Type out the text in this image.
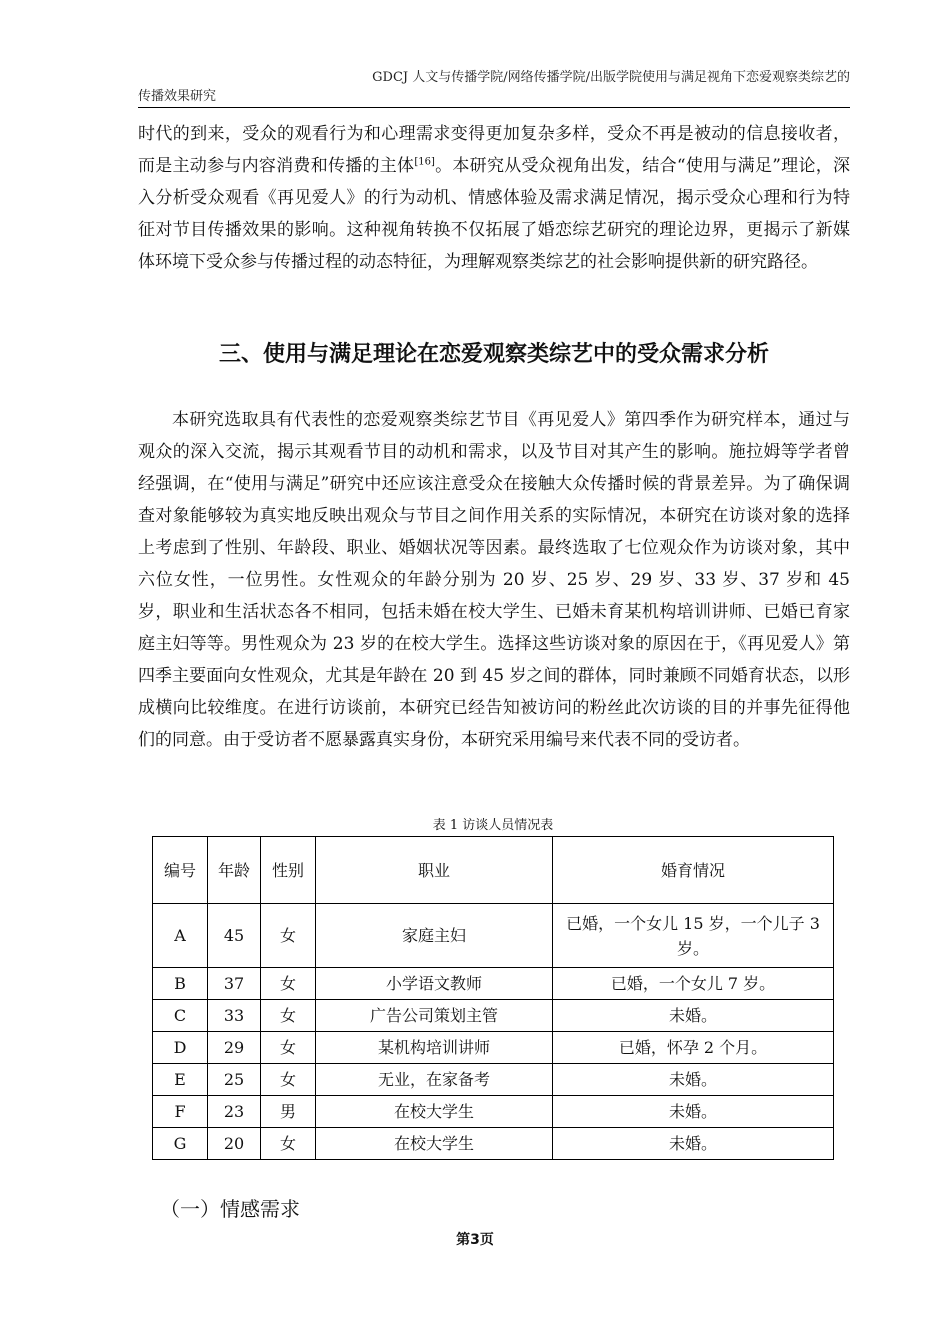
GDCJ 人文与传播学院/网络传播学院/出版学院使用与满足视角下恋爱观察类综艺的
传播效果研究
时代的到来，受众的观看行为和心理需求变得更加复杂多样，受众不再是被动的信息接收者，而是主动参与内容消费和传播的主体[16]。本研究从受众视角出发，结合“使用与满足”理论，深入分析受众观看《再见爱人》的行为动机、情感体验及需求满足情况，揭示受众心理和行为特征对节目传播效果的影响。这种视角转换不仅拓展了婚恋综艺研究的理论边界，更揭示了新媒体环境下受众参与传播过程的动态特征，为理解观察类综艺的社会影响提供新的研究路径。
三、使用与满足理论在恋爱观察类综艺中的受众需求分析
本研究选取具有代表性的恋爱观察类综艺节目《再见爱人》第四季作为研究样本，通过与观众的深入交流，揭示其观看节目的动机和需求，以及节目对其产生的影响。施拉姆等学者曾经强调，在“使用与满足”研究中还应该注意受众在接触大众传播时候的背景差异。为了确保调查对象能够较为真实地反映出观众与节目之间作用关系的实际情况，本研究在访谈对象的选择上考虑到了性别、年龄段、职业、婚姻状况等因素。最终选取了七位观众作为访谈对象，其中六位女性，一位男性。女性观众的年龄分别为 20 岁、25 岁、29 岁、33 岁、37 岁和 45 岁，职业和生活状态各不相同，包括未婚在校大学生、已婚未育某机构培训讲师、已婚已育家庭主妇等等。男性观众为 23 岁的在校大学生。选择这些访谈对象的原因在于，《再见爱人》第四季主要面向女性观众，尤其是年龄在 20 到 45 岁之间的群体，同时兼顾不同婚育状态，以形成横向比较维度。在进行访谈前，本研究已经告知被访问的粉丝此次访谈的目的并事先征得他们的同意。由于受访者不愿暴露真实身份，本研究采用编号来代表不同的受访者。
表 1 访谈人员情况表
编号	年龄	性别	职业	婚育情况
A	45	女	家庭主妇	已婚，一个女儿 15 岁，一个儿子 3 岁。
B	37	女	小学语文教师	已婚，一个女儿 7 岁。
C	33	女	广告公司策划主管	未婚。
D	29	女	某机构培训讲师	已婚，怀孕 2 个月。
E	25	女	无业，在家备考	未婚。
F	23	男	在校大学生	未婚。
G	20	女	在校大学生	未婚。
（一）情感需求
第3页
